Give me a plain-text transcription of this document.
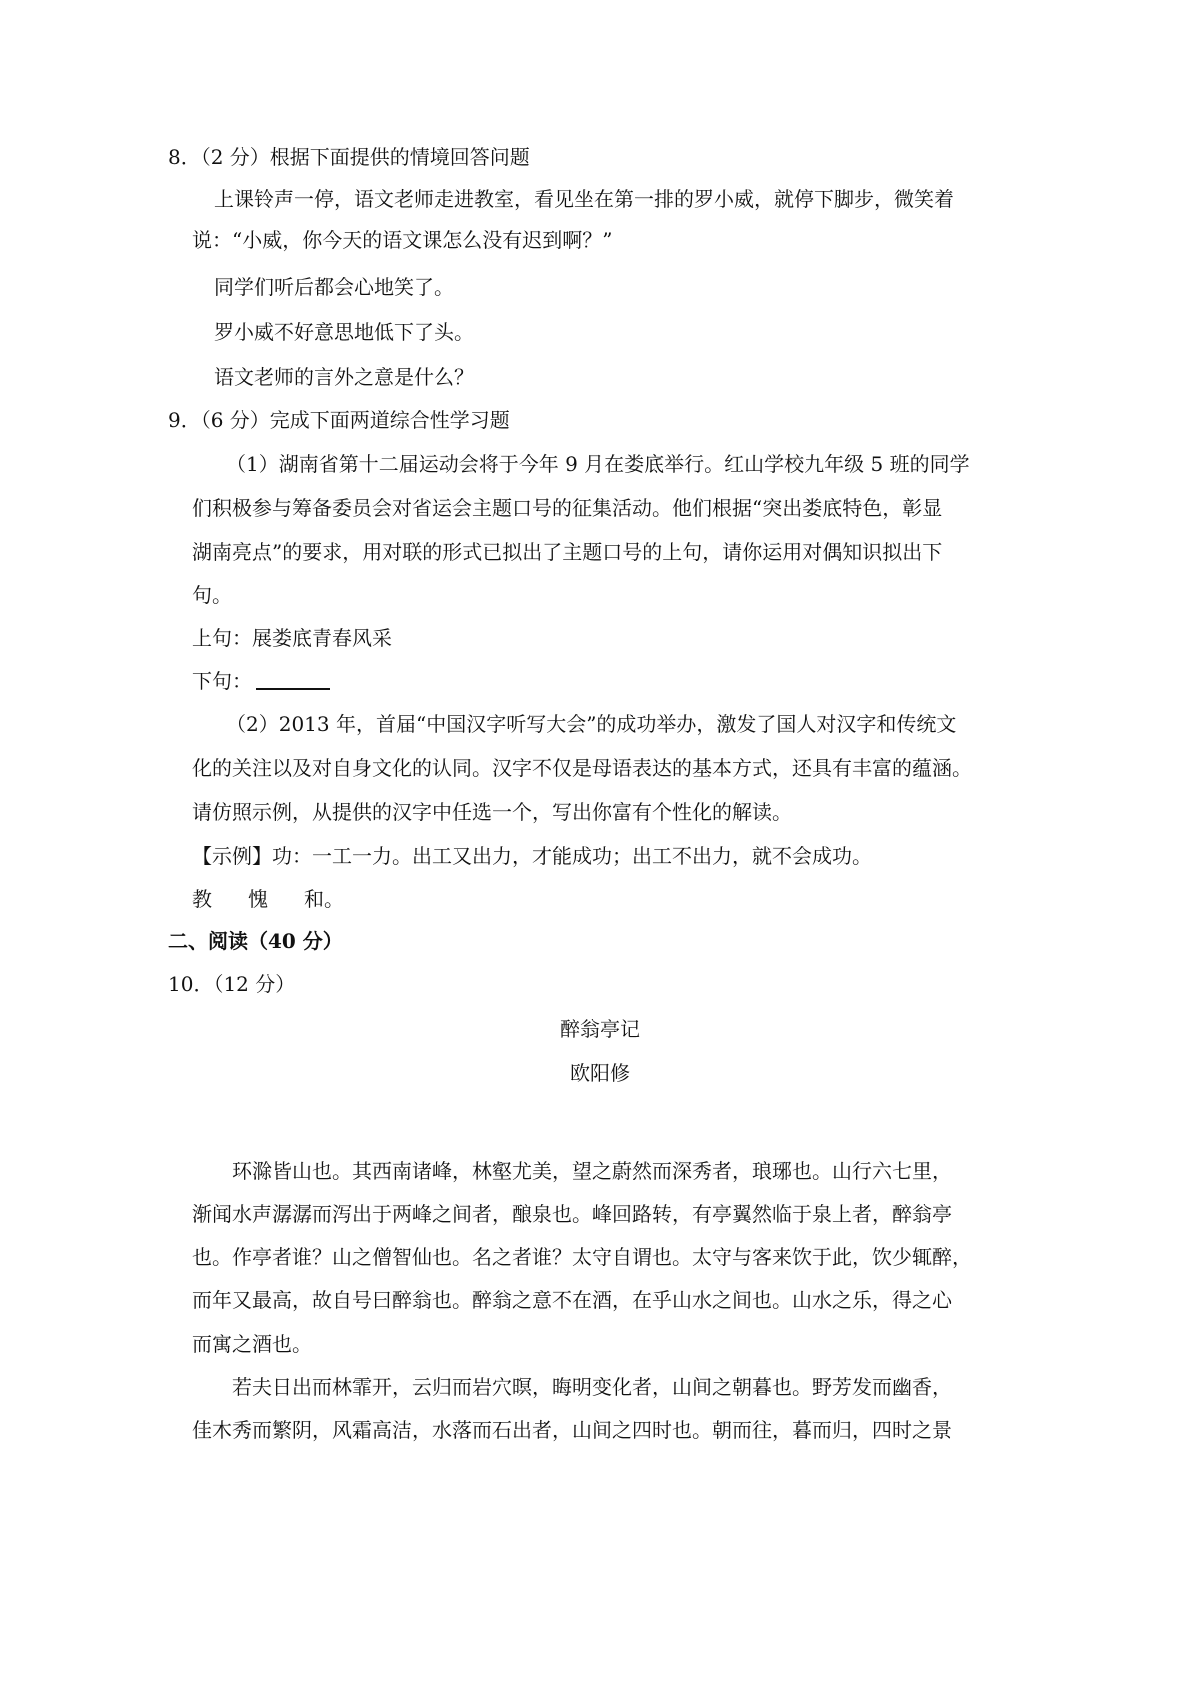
8．（2 分）根据下面提供的情境回答问题
上课铃声一停，语文老师走进教室，看见坐在第一排的罗小威，就停下脚步，微笑着
说：“小威，你今天的语文课怎么没有迟到啊？”
同学们听后都会心地笑了。
罗小威不好意思地低下了头。
语文老师的言外之意是什么？
9．（6 分）完成下面两道综合性学习题
（1）湖南省第十二届运动会将于今年 9 月在娄底举行。红山学校九年级 5 班的同学
们积极参与筹备委员会对省运会主题口号的征集活动。他们根据“突出娄底特色，彰显
湖南亮点”的要求，用对联的形式已拟出了主题口号的上句，请你运用对偶知识拟出下
句。
上句：展娄底青春风采
下句：
（2）2013 年，首届“中国汉字听写大会”的成功举办，激发了国人对汉字和传统文
化的关注以及对自身文化的认同。汉字不仅是母语表达的基本方式，还具有丰富的蕴涵。
请仿照示例，从提供的汉字中任选一个，写出你富有个性化的解读。
【示例】功：一工一力。出工又出力，才能成功；出工不出力，就不会成功。
教 愧 和。
二、阅读（40 分）
10．（12 分）
醉翁亭记
欧阳修
环滁皆山也。其西南诸峰，林壑尤美，望之蔚然而深秀者，琅琊也。山行六七里，
渐闻水声潺潺而泻出于两峰之间者，酿泉也。峰回路转，有亭翼然临于泉上者，醉翁亭
也。作亭者谁？山之僧智仙也。名之者谁？太守自谓也。太守与客来饮于此，饮少辄醉，
而年又最高，故自号曰醉翁也。醉翁之意不在酒，在乎山水之间也。山水之乐，得之心
而寓之酒也。
若夫日出而林霏开，云归而岩穴暝，晦明变化者，山间之朝暮也。野芳发而幽香，
佳木秀而繁阴，风霜高洁，水落而石出者，山间之四时也。朝而往，暮而归，四时之景
